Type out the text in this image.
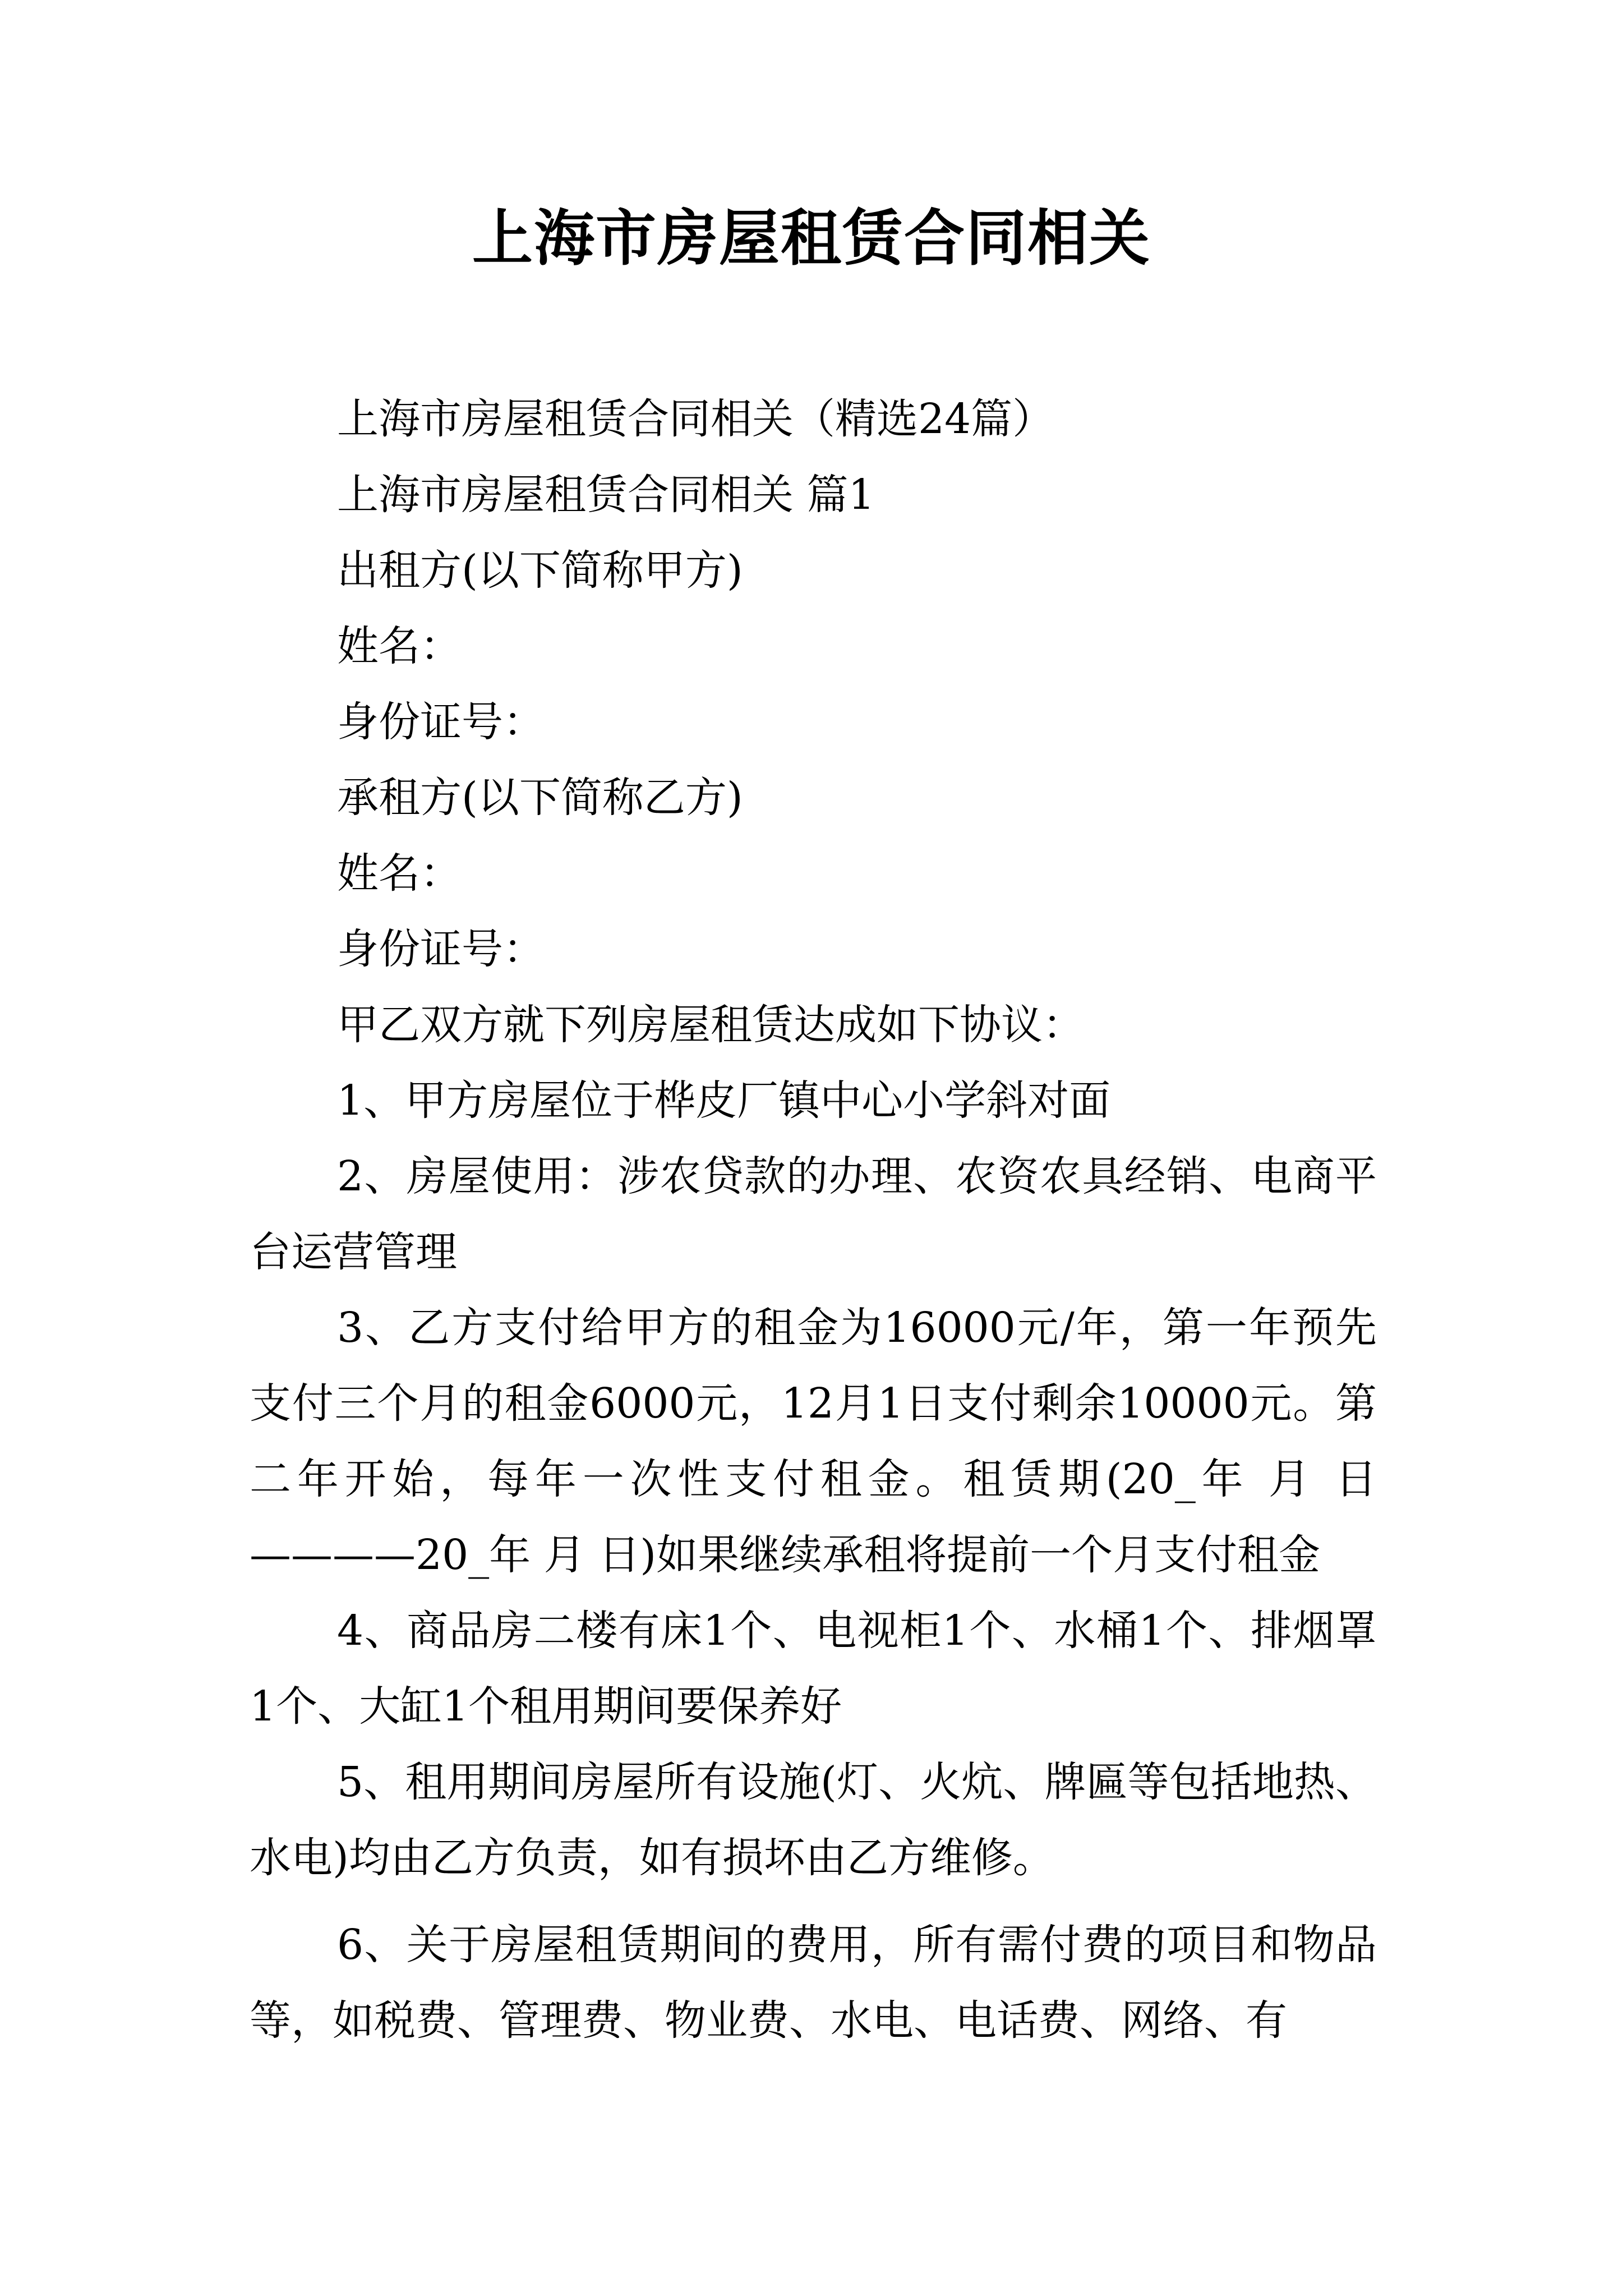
上海市房屋租赁合同相关

上海市房屋租赁合同相关（精选24篇）

上海市房屋租赁合同相关 篇1

出租方(以下简称甲方)

姓名：

身份证号：

承租方(以下简称乙方)

姓名：

身份证号：

甲乙双方就下列房屋租赁达成如下协议：

1、甲方房屋位于桦皮厂镇中心小学斜对面

2、房屋使用：涉农贷款的办理、农资农具经销、电商平台运营管理

3、乙方支付给甲方的租金为16000元/年，第一年预先支付三个月的租金6000元，12月1日支付剩余10000元。第二年开始，每年一次性支付租金。租赁期(20_年 月 日————20_年 月 日)如果继续承租将提前一个月支付租金

4、商品房二楼有床1个、电视柜1个、水桶1个、排烟罩1个、大缸1个租用期间要保养好

5、租用期间房屋所有设施(灯、火炕、牌匾等包括地热、水电)均由乙方负责，如有损坏由乙方维修。

6、关于房屋租赁期间的费用，所有需付费的项目和物品等，如税费、管理费、物业费、水电、电话费、网络、有
